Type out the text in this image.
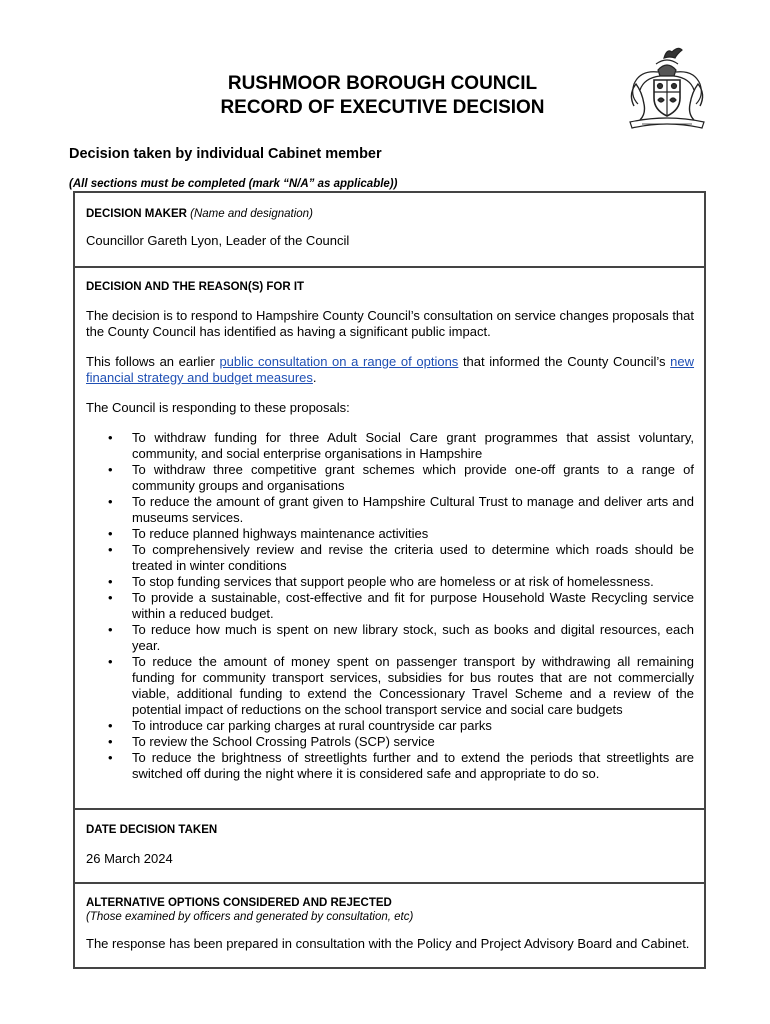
RUSHMOOR BOROUGH COUNCIL
RECORD OF EXECUTIVE DECISION
Decision taken by individual Cabinet member
(All sections must be completed (mark “N/A” as applicable))
DECISION MAKER (Name and designation)
Councillor Gareth Lyon, Leader of the Council
DECISION AND THE REASON(S) FOR IT
The decision is to respond to Hampshire County Council’s consultation on service changes proposals that the County Council has identified as having a significant public impact.
This follows an earlier public consultation on a range of options that informed the County Council’s new financial strategy and budget measures.
The Council is responding to these proposals:
• To withdraw funding for three Adult Social Care grant programmes that assist voluntary, community, and social enterprise organisations in Hampshire
• To withdraw three competitive grant schemes which provide one-off grants to a range of community groups and organisations
• To reduce the amount of grant given to Hampshire Cultural Trust to manage and deliver arts and museums services.
• To reduce planned highways maintenance activities
• To comprehensively review and revise the criteria used to determine which roads should be treated in winter conditions
• To stop funding services that support people who are homeless or at risk of homelessness.
• To provide a sustainable, cost-effective and fit for purpose Household Waste Recycling service within a reduced budget.
• To reduce how much is spent on new library stock, such as books and digital resources, each year.
• To reduce the amount of money spent on passenger transport by withdrawing all remaining funding for community transport services, subsidies for bus routes that are not commercially viable, additional funding to extend the Concessionary Travel Scheme and a review of the potential impact of reductions on the school transport service and social care budgets
• To introduce car parking charges at rural countryside car parks
• To review the School Crossing Patrols (SCP) service
• To reduce the brightness of streetlights further and to extend the periods that streetlights are switched off during the night where it is considered safe and appropriate to do so.
DATE DECISION TAKEN
26 March 2024
ALTERNATIVE OPTIONS CONSIDERED AND REJECTED
(Those examined by officers and generated by consultation, etc)
The response has been prepared in consultation with the Policy and Project Advisory Board and Cabinet.
